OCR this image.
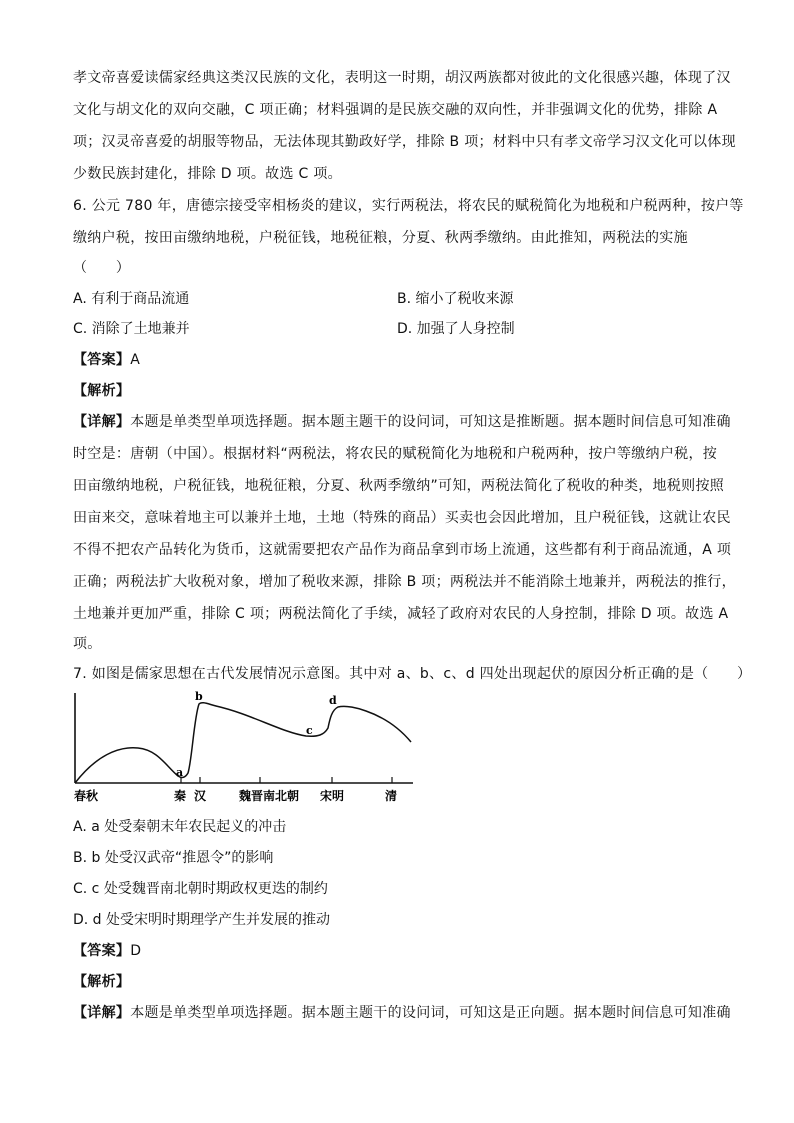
孝文帝喜爱读儒家经典这类汉民族的文化，表明这一时期，胡汉两族都对彼此的文化很感兴趣，体现了汉
文化与胡文化的双向交融，C 项正确；材料强调的是民族交融的双向性，并非强调文化的优势，排除 A
项；汉灵帝喜爱的胡服等物品，无法体现其勤政好学，排除 B 项；材料中只有孝文帝学习汉文化可以体现
少数民族封建化，排除 D 项。故选 C 项。
6. 公元 780 年，唐德宗接受宰相杨炎的建议，实行两税法，将农民的赋税简化为地税和户税两种，按户等
缴纳户税，按田亩缴纳地税，户税征钱，地税征粮，分夏、秋两季缴纳。由此推知，两税法的实施
（　　）
A. 有利于商品流通	B. 缩小了税收来源
C. 消除了土地兼并	D. 加强了人身控制
【答案】A
【解析】
【详解】本题是单类型单项选择题。据本题主题干的设问词，可知这是推断题。据本题时间信息可知准确
时空是：唐朝（中国）。根据材料“两税法，将农民的赋税简化为地税和户税两种，按户等缴纳户税，按
田亩缴纳地税，户税征钱，地税征粮，分夏、秋两季缴纳”可知，两税法简化了税收的种类，地税则按照
田亩来交，意味着地主可以兼并土地，土地（特殊的商品）买卖也会因此增加，且户税征钱，这就让农民
不得不把农产品转化为货币，这就需要把农产品作为商品拿到市场上流通，这些都有利于商品流通，A 项
正确；两税法扩大收税对象，增加了税收来源，排除 B 项；两税法并不能消除土地兼并，两税法的推行，
土地兼并更加严重，排除 C 项；两税法简化了手续，减轻了政府对农民的人身控制，排除 D 项。故选 A
项。
7. 如图是儒家思想在古代发展情况示意图。其中对 a、b、c、d 四处出现起伏的原因分析正确的是（　　）
a
b
c
d
春秋	秦 汉	魏晋南北朝 宋明	清
A. a 处受秦朝末年农民起义的冲击
B. b 处受汉武帝“推恩令”的影响
C. c 处受魏晋南北朝时期政权更迭的制约
D. d 处受宋明时期理学产生并发展的推动
【答案】D
【解析】
【详解】本题是单类型单项选择题。据本题主题干的设问词，可知这是正向题。据本题时间信息可知准确
